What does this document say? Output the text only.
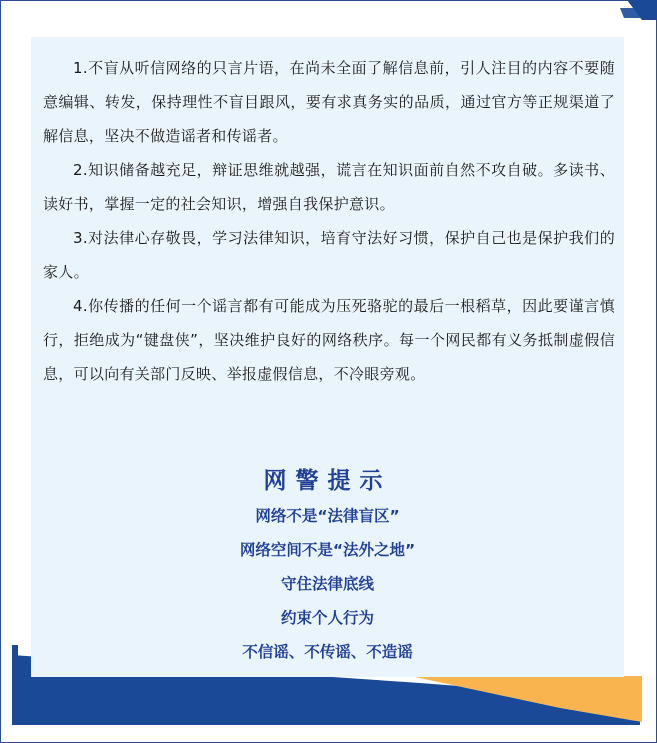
1.不盲从听信网络的只言片语，在尚未全面了解信息前，引人注目的内容不要随意编辑、转发，保持理性不盲目跟风，要有求真务实的品质，通过官方等正规渠道了解信息，坚决不做造谣者和传谣者。

2.知识储备越充足，辩证思维就越强，谎言在知识面前自然不攻自破。多读书、读好书，掌握一定的社会知识，增强自我保护意识。

3.对法律心存敬畏，学习法律知识，培育守法好习惯，保护自己也是保护我们的家人。

4.你传播的任何一个谣言都有可能成为压死骆驼的最后一根稻草，因此要谨言慎行，拒绝成为“键盘侠”，坚决维护良好的网络秩序。每一个网民都有义务抵制虚假信息，可以向有关部门反映、举报虚假信息，不冷眼旁观。

网警提示
网络不是“法律盲区”
网络空间不是“法外之地”
守住法律底线
约束个人行为
不信谣、不传谣、不造谣
